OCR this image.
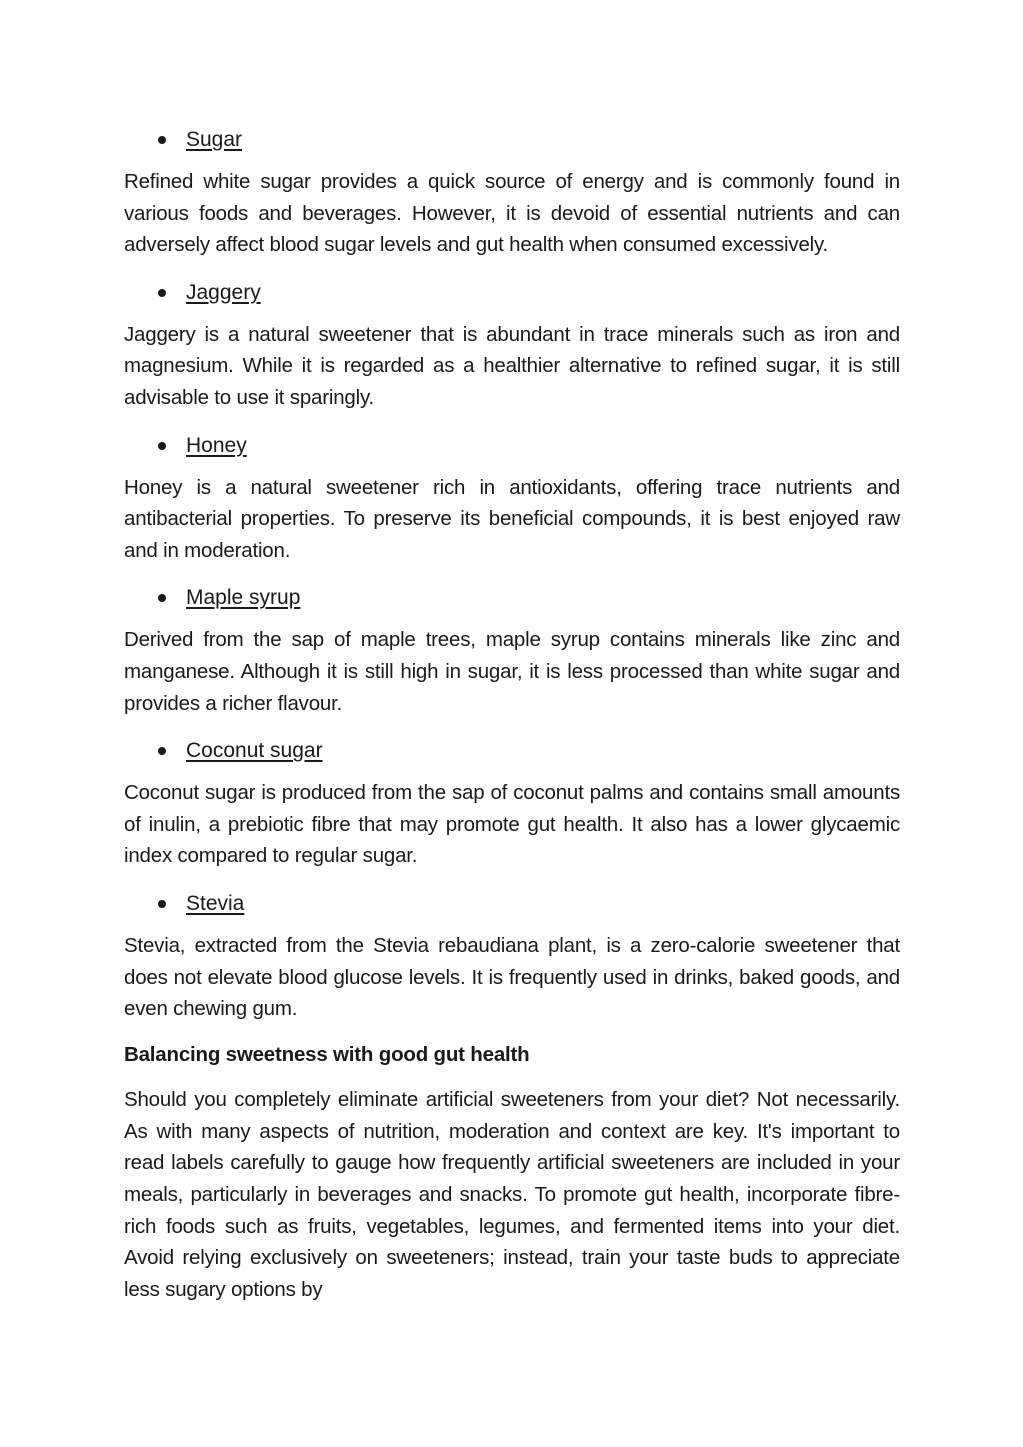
Sugar

Refined white sugar provides a quick source of energy and is commonly found in various foods and beverages. However, it is devoid of essential nutrients and can adversely affect blood sugar levels and gut health when consumed excessively.

Jaggery

Jaggery is a natural sweetener that is abundant in trace minerals such as iron and magnesium. While it is regarded as a healthier alternative to refined sugar, it is still advisable to use it sparingly.

Honey

Honey is a natural sweetener rich in antioxidants, offering trace nutrients and antibacterial properties. To preserve its beneficial compounds, it is best enjoyed raw and in moderation.

Maple syrup

Derived from the sap of maple trees, maple syrup contains minerals like zinc and manganese. Although it is still high in sugar, it is less processed than white sugar and provides a richer flavour.

Coconut sugar

Coconut sugar is produced from the sap of coconut palms and contains small amounts of inulin, a prebiotic fibre that may promote gut health. It also has a lower glycaemic index compared to regular sugar.

Stevia

Stevia, extracted from the Stevia rebaudiana plant, is a zero-calorie sweetener that does not elevate blood glucose levels. It is frequently used in drinks, baked goods, and even chewing gum.

Balancing sweetness with good gut health

Should you completely eliminate artificial sweeteners from your diet? Not necessarily. As with many aspects of nutrition, moderation and context are key. It's important to read labels carefully to gauge how frequently artificial sweeteners are included in your meals, particularly in beverages and snacks. To promote gut health, incorporate fibre-rich foods such as fruits, vegetables, legumes, and fermented items into your diet. Avoid relying exclusively on sweeteners; instead, train your taste buds to appreciate less sugary options by
